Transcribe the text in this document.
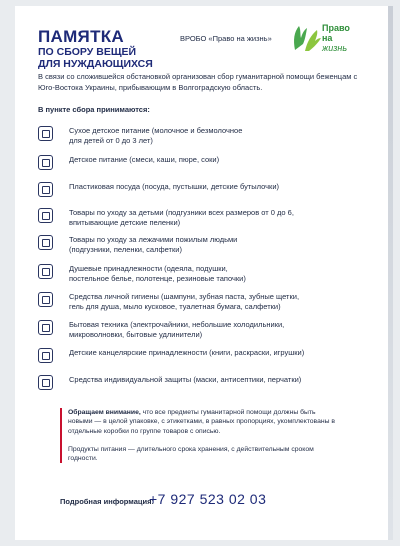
ПАМЯТКА
ПО СБОРУ ВЕЩЕЙ
ДЛЯ НУЖДАЮЩИХСЯ
ВРОБО «Право на жизнь»
Право
на
жизнь
В связи со сложившейся обстановкой организован сбор гуманитарной помощи беженцам с Юго-Востока Украины, прибывающим в Волгоградскую область.
В пункте сбора принимаются:
Сухое детское питание (молочное и безмолочное
для детей от 0 до 3 лет)
Детское питание (смеси, каши, пюре, соки)
Пластиковая посуда (посуда, пустышки, детские бутылочки)
Товары по уходу за детьми (подгузники всех размеров от 0 до 6,
впитывающие детские пеленки)
Товары по уходу за лежачими пожилым людьми
(подгузники, пеленки, салфетки)
Душевые принадлежности (одеяла, подушки,
постельное белье, полотенце, резиновые тапочки)
Средства личной гигиены (шампуни, зубная паста, зубные щетки,
гель для душа, мыло кусковое, туалетная бумага, салфетки)
Бытовая техника (электрочайники, небольшие холодильники,
микроволновки, бытовые удлинители)
Детские канцелярские принадлежности (книги, раскраски, игрушки)
Средства индивидуальной защиты (маски, антисептики, перчатки)

Обращаем внимание, что все предметы гуманитарной помощи должны быть новыми — в целой упаковке, с этикетками, в равных пропорциях, укомплектованы в отдельные коробки по группе товаров с описью.

Продукты питания — длительного срока хранения, с действительным сроком годности.

Подробная информация:
+7 927 523 02 03
